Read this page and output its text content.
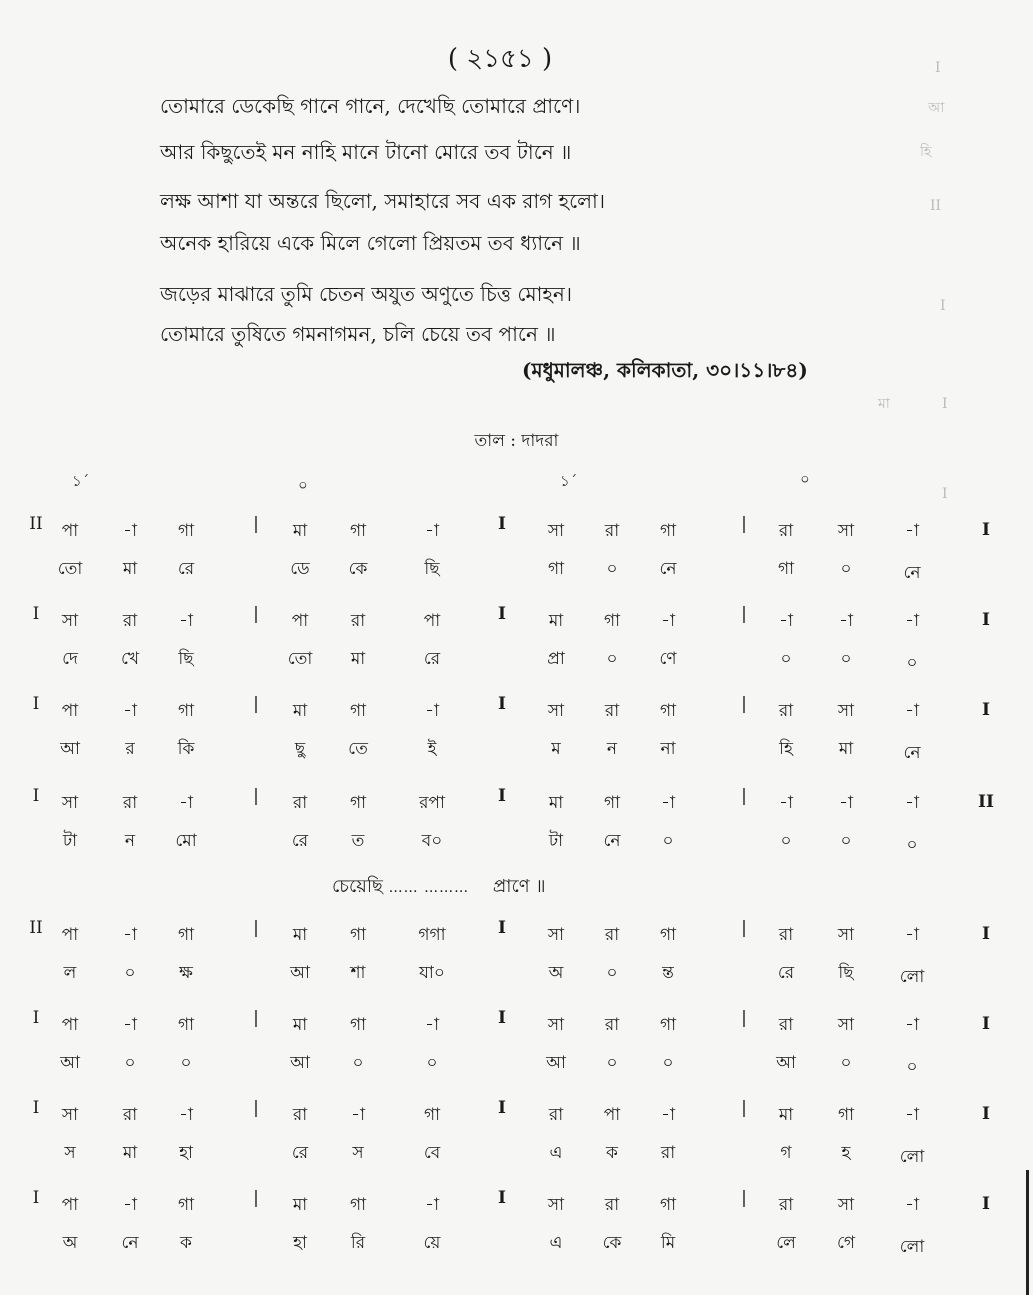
( ২১৫১ )
তোমারে ডেকেছি গানে গানে, দেখেছি তোমারে প্রাণে।
আর কিছুতেই মন নাহি মানে টানো মোরে তব টানে ॥
লক্ষ আশা যা অন্তরে ছিলো, সমাহারে সব এক রাগ হলো।
অনেক হারিয়ে একে মিলে গেলো প্রিয়তম তব ধ্যানে ॥
জড়ের মাঝারে তুমি চেতন অযুত অণুতে চিত্ত মোহন।
তোমারে তুষিতে গমনাগমন, চলি চেয়ে তব পানে ॥
(মধুমালঞ্চ, কলিকাতা, ৩০।১১।৮৪)
তাল : দাদরা
১´	০	১´	০
II	পা	-া	গা	মা	গা	-া	সা	রা	গা	রা	সা	-া
|	I	|	I
তো	মা	রে	ডে	কে	ছি	গা	০	নে	গা	০	নে
I	সা	রা	-া	পা	রা	পা	মা	গা	-া	-া	-া	-া
|	I	|	I
দে	খে	ছি	তো	মা	রে	প্রা	০	ণে	০	০	০
I	পা	-া	গা	মা	গা	-া	সা	রা	গা	রা	সা	-া
|	I	|	I
আ	র	কি	ছু	তে	ই	ম	ন	না	হি	মা	নে
I	সা	রা	-া	রা	গা	রপা	মা	গা	-া	-া	-া	-া
|	I	|	II
টা	ন	মো	রে	ত	ব০	টা	নে	০	০	০	০
II	পা	-া	গা	মা	গা	গগা	সা	রা	গা	রা	সা	-া
|	I	|	I
ল	০	ক্ষ	আ	শা	যা০	অ	০	ন্ত	রে	ছি	লো
I	পা	-া	গা	মা	গা	-া	সা	রা	গা	রা	সা	-া
|	I	|	I
আ	০	০	আ	০	০	আ	০	০	আ	০	০
I	সা	রা	-া	রা	-া	গা	রা	পা	-া	মা	গা	-া
|	I	|	I
স	মা	হা	রে	স	বে	এ	ক	রা	গ	হ	লো
I	পা	-া	গা	মা	গা	-া	সা	রা	গা	রা	সা	-া
|	I	|	I
অ	নে	ক	হা	রি	য়ে	এ	কে	মি	লে	গে	লো
চেয়েছি …… ……… প্রাণে ॥
I
আ
হি
II
I
মা	I
I
